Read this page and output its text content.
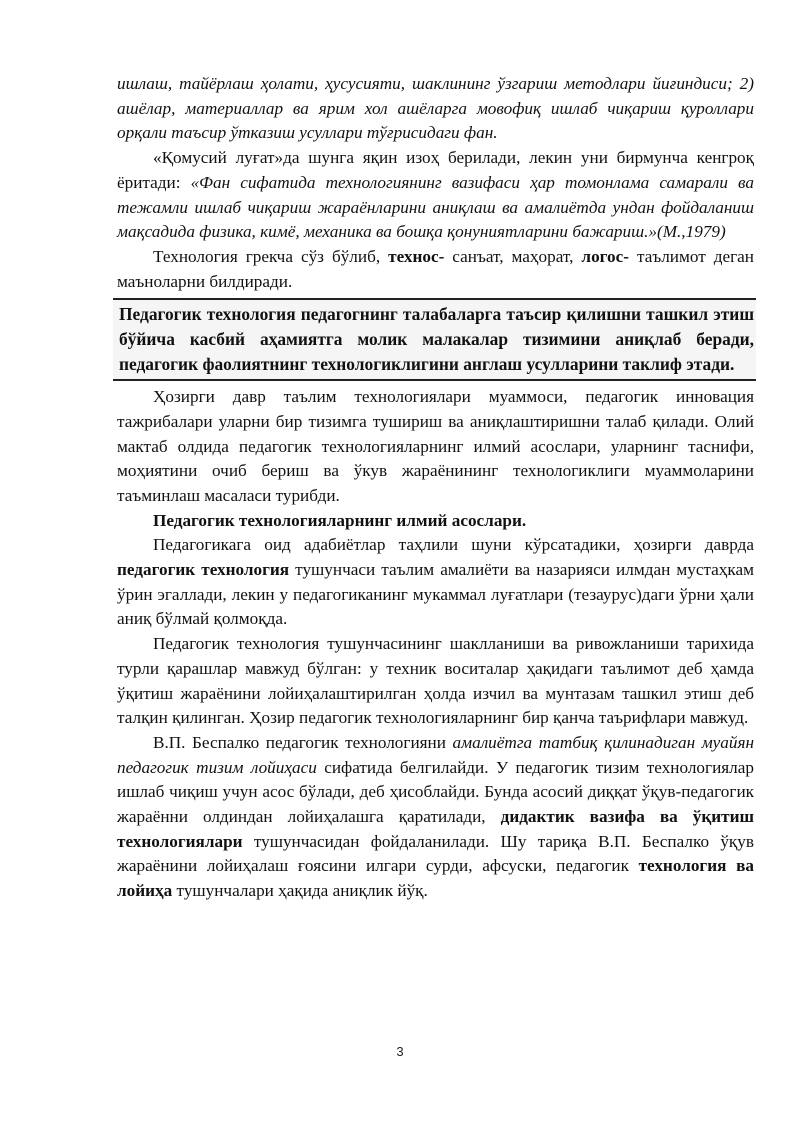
ишлаш, тайёрлаш ҳолати, ҳусусияти, шаклининг ўзгариш методлари йиғиндиси; 2) ашёлар, материаллар ва ярим хол ашёларга мовофиқ ишлаб чиқариш қуроллари орқали таъсир ўтказиш усуллари тўғрисидаги фан.

«Қомусий луғат»да шунга яқин изоҳ берилади, лекин уни бирмунча кенгроқ ёритади: «Фан сифатида технологиянинг вазифаси ҳар томонлама самарали ва тежамли ишлаб чиқариш жараёнларини аниқлаш ва амалиётда ундан фойдаланиш мақсадида физика, кимё, механика ва бошқа қонуниятларини бажариш.»(М.,1979)

Технология грекча сўз бўлиб, технос- санъат, маҳорат, логос- таълимот деган маъноларни билдиради.

Педагогик технология педагогнинг талабаларга таъсир қилишни ташкил этиш бўйича касбий аҳамиятга молик малакалар тизимини аниқлаб беради, педагогик фаолиятнинг технологиклигини англаш усулларини таклиф этади.

Ҳозирги давр таълим технологиялари муаммоси, педагогик инновация тажрибалари уларни бир тизимга тушириш ва аниқлаштиришни талаб қилади. Олий мактаб олдида педагогик технологияларнинг илмий асослари, уларнинг таснифи, моҳиятини очиб бериш ва ўкув жараёнининг технологиклиги муаммоларини таъминлаш масаласи турибди.

Педагогик технологияларнинг илмий асослари.

Педагогикага оид адабиётлар таҳлили шуни кўрсатадики, ҳозирги даврда педагогик технология тушунчаси таълим амалиёти ва назарияси илмдан мустаҳкам ўрин эгаллади, лекин у педагогиканинг мукаммал луғатлари (тезаурус)даги ўрни ҳали аниқ бўлмай қолмоқда.

Педагогик технология тушунчасининг шаклланиши ва ривожланиши тарихида турли қарашлар мавжуд бўлган: у техник воситалар ҳақидаги таълимот деб ҳамда ўқитиш жараёнини лойиҳалаштирилган ҳолда изчил ва мунтазам ташкил этиш деб талқин қилинган. Ҳозир педагогик технологияларнинг бир қанча таърифлари мавжуд.

В.П. Беспалко педагогик технологияни амалиётга татбиқ қилинадиган муайян педагогик тизим лойиҳаси сифатида белгилайди. У педагогик тизим технологиялар ишлаб чиқиш учун асос бўлади, деб ҳисоблайди. Бунда асосий диққат ўқув-педагогик жараённи олдиндан лойиҳалашга қаратилади, дидактик вазифа ва ўқитиш технологиялари тушунчасидан фойдаланилади. Шу тариқа В.П. Беспалко ўқув жараёнини лойиҳалаш ғоясини илгари сурди, афсуски, педагогик технология ва лойиҳа тушунчалари ҳақида аниқлик йўқ.

3
